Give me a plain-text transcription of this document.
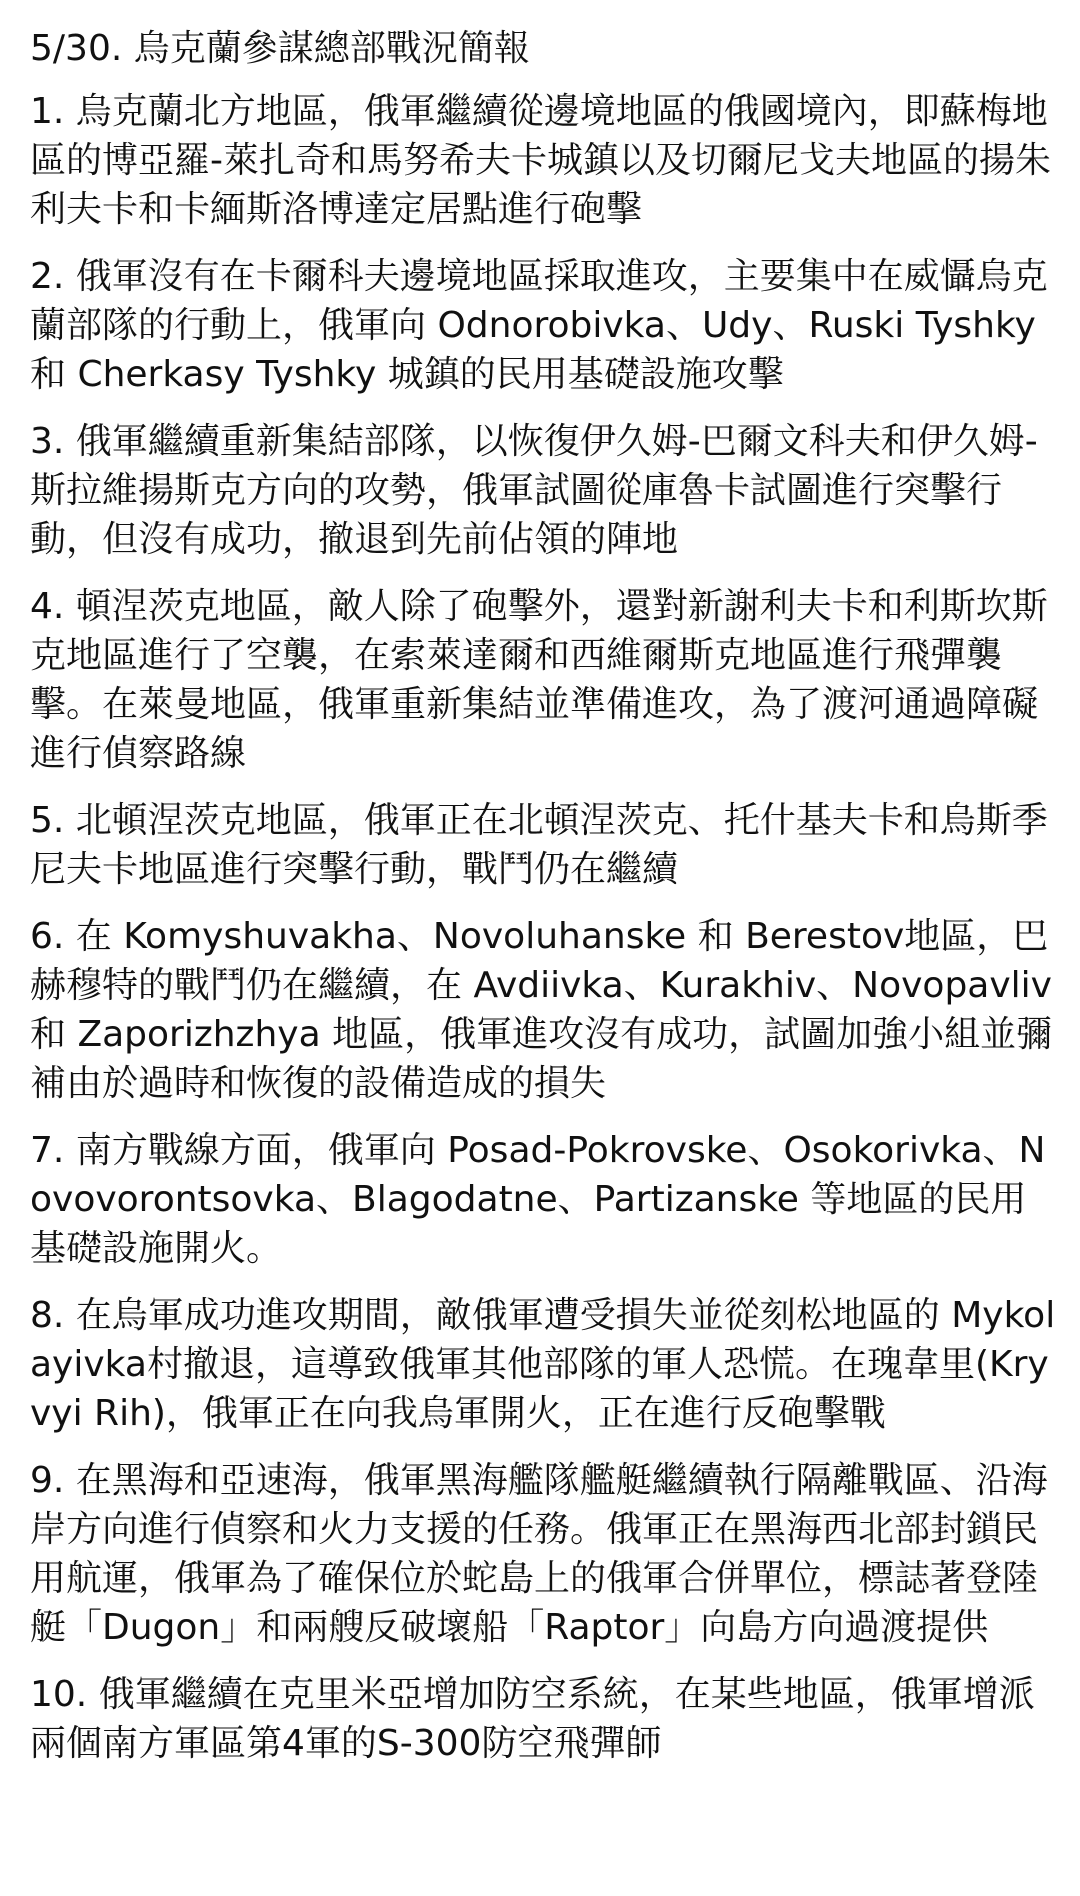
5/30. 烏克蘭參謀總部戰況簡報
1. 烏克蘭北方地區，俄軍繼續從邊境地區的俄國境內，即蘇梅地區的博亞羅-萊扎奇和馬努希夫卡城鎮以及切爾尼戈夫地區的揚朱利夫卡和卡緬斯洛博達定居點進行砲擊
2. 俄軍沒有在卡爾科夫邊境地區採取進攻，主要集中在威懾烏克蘭部隊的行動上，俄軍向 Odnorobivka、Udy、Ruski Tyshky 和 Cherkasy Tyshky 城鎮的民用基礎設施攻擊
3. 俄軍繼續重新集結部隊，以恢復伊久姆-巴爾文科夫和伊久姆-斯拉維揚斯克方向的攻勢，俄軍試圖從庫魯卡試圖進行突擊行動，但沒有成功，撤退到先前佔領的陣地
4. 頓涅茨克地區，敵人除了砲擊外，還對新謝利夫卡和利斯坎斯克地區進行了空襲，在索萊達爾和西維爾斯克地區進行飛彈襲擊。在萊曼地區，俄軍重新集結並準備進攻，為了渡河通過障礙進行偵察路線
5. 北頓涅茨克地區，俄軍正在北頓涅茨克、托什基夫卡和烏斯季尼夫卡地區進行突擊行動，戰鬥仍在繼續
6. 在 Komyshuvakha、Novoluhanske 和 Berestov地區，巴赫穆特的戰鬥仍在繼續，在 Avdiivka、Kurakhiv、Novopavliv 和 Zaporizhzhya 地區，俄軍進攻沒有成功，試圖加強小組並彌補由於過時和恢復的設備造成的損失
7. 南方戰線方面，俄軍向 Posad-Pokrovske、Osokorivka、Novovorontsovka、Blagodatne、Partizanske 等地區的民用基礎設施開火。
8. 在烏軍成功進攻期間，敵俄軍遭受損失並從刻松地區的 Mykolayivka村撤退，這導致俄軍其他部隊的軍人恐慌。在瑰韋里(Kryvyi Rih)，俄軍正在向我烏軍開火，正在進行反砲擊戰
9. 在黑海和亞速海，俄軍黑海艦隊艦艇繼續執行隔離戰區、沿海岸方向進行偵察和火力支援的任務。俄軍正在黑海西北部封鎖民用航運，俄軍為了確保位於蛇島上的俄軍合併單位，標誌著登陸艇「Dugon」和兩艘反破壞船「Raptor」向島方向過渡提供
10. 俄軍繼續在克里米亞增加防空系統，在某些地區，俄軍增派兩個南方軍區第4軍的S-300防空飛彈師
